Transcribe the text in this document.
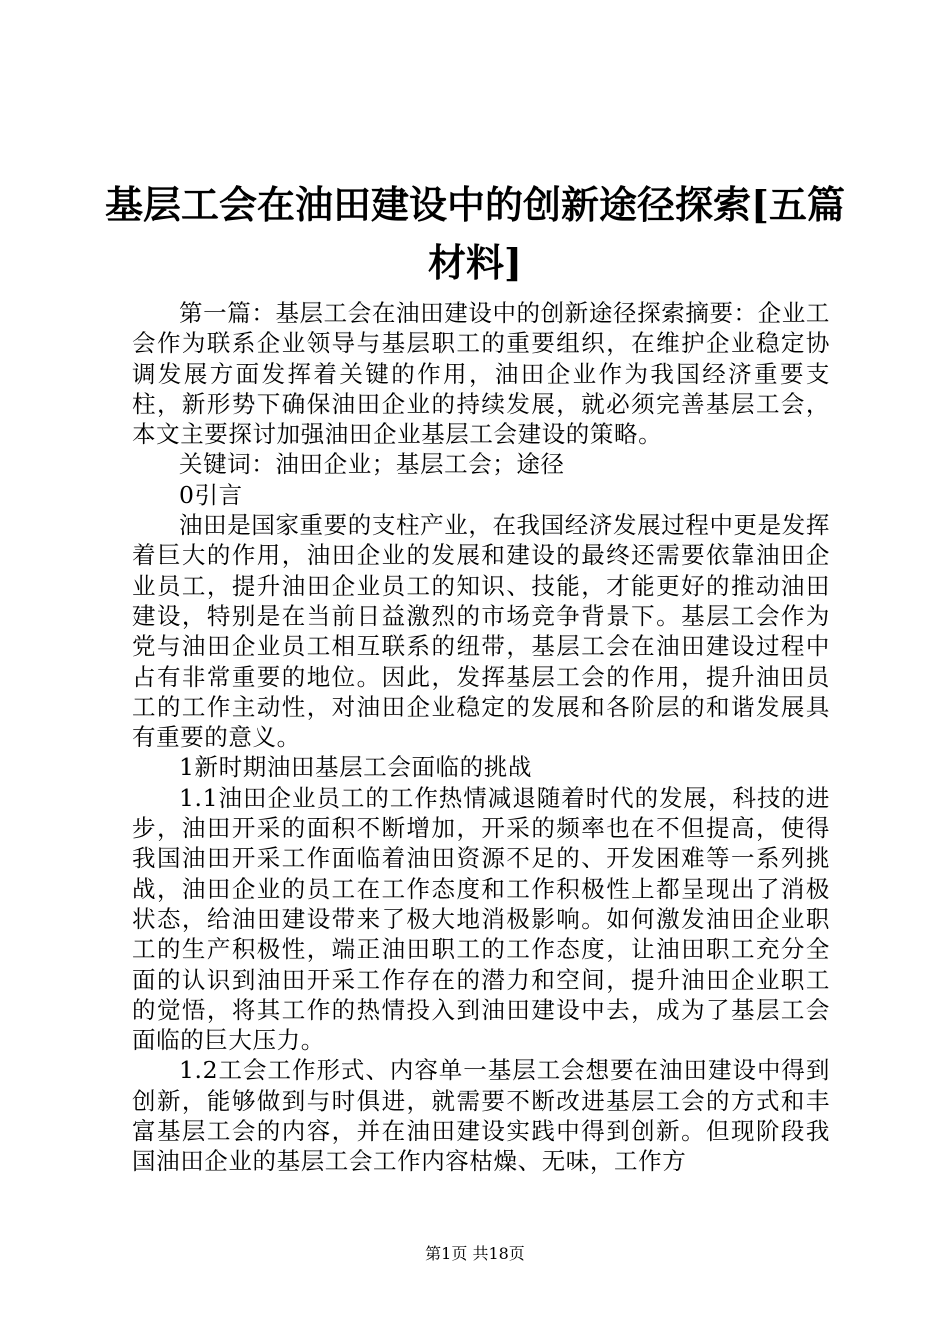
基层工会在油田建设中的创新途径探索[五篇材料]

第一篇：基层工会在油田建设中的创新途径探索摘要：企业工会作为联系企业领导与基层职工的重要组织，在维护企业稳定协调发展方面发挥着关键的作用，油田企业作为我国经济重要支柱，新形势下确保油田企业的持续发展，就必须完善基层工会，本文主要探讨加强油田企业基层工会建设的策略。

关键词：油田企业；基层工会；途径

0引言

油田是国家重要的支柱产业，在我国经济发展过程中更是发挥着巨大的作用，油田企业的发展和建设的最终还需要依靠油田企业员工，提升油田企业员工的知识、技能，才能更好的推动油田建设，特别是在当前日益激烈的市场竞争背景下。基层工会作为党与油田企业员工相互联系的纽带，基层工会在油田建设过程中占有非常重要的地位。因此，发挥基层工会的作用，提升油田员工的工作主动性，对油田企业稳定的发展和各阶层的和谐发展具有重要的意义。

1新时期油田基层工会面临的挑战

1.1油田企业员工的工作热情减退随着时代的发展，科技的进步，油田开采的面积不断增加，开采的频率也在不但提高，使得我国油田开采工作面临着油田资源不足的、开发困难等一系列挑战，油田企业的员工在工作态度和工作积极性上都呈现出了消极状态，给油田建设带来了极大地消极影响。如何激发油田企业职工的生产积极性，端正油田职工的工作态度，让油田职工充分全面的认识到油田开采工作存在的潜力和空间，提升油田企业职工的觉悟，将其工作的热情投入到油田建设中去，成为了基层工会面临的巨大压力。

1.2工会工作形式、内容单一基层工会想要在油田建设中得到创新，能够做到与时俱进，就需要不断改进基层工会的方式和丰富基层工会的内容，并在油田建设实践中得到创新。但现阶段我国油田企业的基层工会工作内容枯燥、无味，工作方

第1页 共18页
